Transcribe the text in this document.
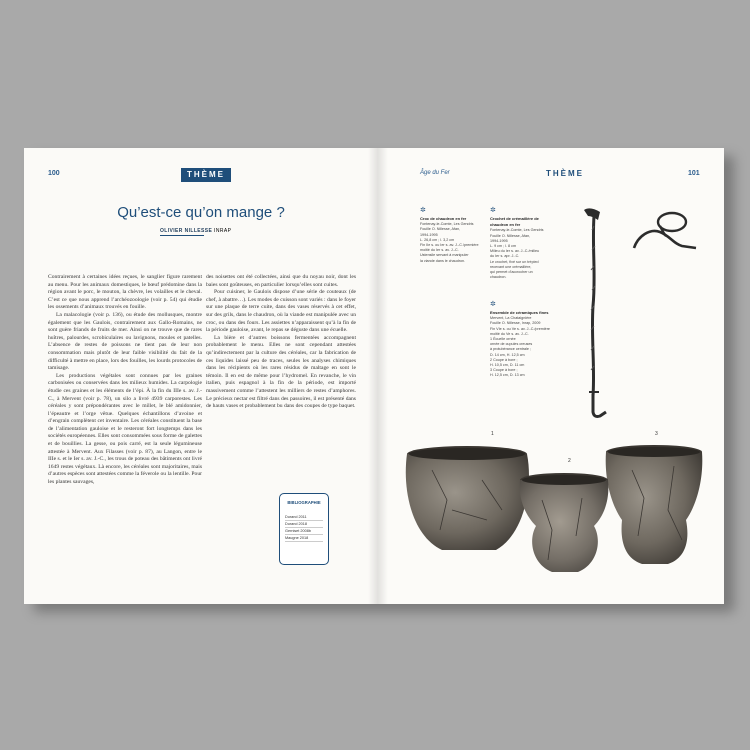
100	THÈME
Qu’est-ce qu’on mange ?
OLIVIER NILLESSE INRAP

Contrairement à certaines idées reçues, le sanglier figure rarement au menu. Pour les animaux domestiques, le bœuf prédomine dans la région avant le porc, le mouton, la chèvre, les volailles et le cheval. C’est ce que nous apprend l’archéozoologie (voir p. 54) qui étudie les ossements d’animaux trouvés en fouille.

La malacologie (voir p. 136), ou étude des mollusques, montre également que les Gaulois, contrairement aux Gallo-Romains, ne sont guère friands de fruits de mer. Ainsi on ne trouve que de rares huîtres, palourdes, scrobiculaires ou lavignons, moules et patelles. L’absence de restes de poissons ne tient pas de leur non consommation mais plutôt de leur faible visibilité du fait de la difficulté à mettre en place, lors des fouilles, les lourds protocoles de tamisage.

Les productions végétales sont connues par les graines carbonisées ou conservées dans les milieux humides. La carpologie étudie ces graines et les éléments de l’épi. À la fin du IIIe s. av. J.-C., à Mervent (voir p. 78), un silo a livré 4939 carporestes. Les céréales y sont prépondérantes avec le millet, le blé amidonnier, l’épeautre et l’orge vêtue. Quelques échantillons d’avoine et d’engrain complètent cet inventaire. Les céréales constituent la base de l’alimentation gauloise et le resteront fort longtemps dans les sociétés européennes. Elles sont consommées sous forme de galettes et de bouillies. La gesse, ou pois carré, est la seule légumineuse attestée à Mervent. Aux Filasses (voir p. 87), au Langon, entre le IIIe s. et le Ier s. av. J.-C., les trous de poteau des bâtiments ont livré 1649 restes végétaux. Là encore, les céréales sont majoritaires, mais d’autres espèces sont attestées comme la féverole ou la lentille. Pour les plantes sauvages,

des noisettes ont été collectées, ainsi que du noyau noir, dont les baies sont goûteuses, en particulier lorsqu’elles sont cuites.

Pour cuisiner, le Gaulois dispose d’une série de couteaux (de chef, à abattre…). Les modes de cuisson sont variés : dans le foyer sur une plaque de terre cuite, dans des vases réservés à cet effet, sur des grils, dans le chaudron, où la viande est manipulée avec un croc, ou dans des fours. Les assiettes n’apparaissent qu’à la fin de la période gauloise, avant, le repas se déguste dans une écuelle.

La bière et d’autres boissons fermentées accompagnent probablement le menu. Elles ne sont cependant attestées qu’indirectement par la culture des céréales, car la fabrication de ces liquides laissé peu de traces, seules les analyses chimiques dans les récipients où les rares résidus de maltage en sont le témoin. Il en est de même pour l’hydromel. En revanche, le vin italien, puis espagnol à la fin de la période, est importé massivement comme l’attestent les milliers de restes d’amphores. Le précieux nectar est filtré dans des passoires, il est présenté dans de hauts vases et probablement bu dans des coupes de type baquet.

BIBLIOGRAPHIE
Durand 2011
Durand 2018
Gerniset 2008b
Maugne 2018
Âge du Fer	THÈME	101
✲
Croc de chaudron en fer
Fontenay-le-Comte, Les Gendris
Fouille O. Nillesse, Afan,
1994-1995
L. 26,8 cm ; l. 3,2 cm
Fin IIe s. ou Ier s. av. J.-C./première
moitié du Ier s. av. J.-C.
Ustensile servant à manipuler
la viande dans le chaudron.
✲
Crochet de crémaillère de chaudron en fer
Fontenay-le-Comte, Les Gendris
Fouille O. Nillesse, Afan,
1994-1995
L. 9 cm ; l. 8 cm
Milieu du Ier s. av. J.-C./milieu
du Ier s. apr. J.-C.
Le crochet, fixé sur un trépied
recevant une crémaillère,
qui permet d’accrocher un
chaudron.
✲
Ensemble de céramiques fines
Mervent, La Chataignière
Fouille O. Nillesse, Inrap, 2009
Fin VIe s. ou Ve s. av. J.-C./première
moitié du Ve s. av. J.-C.
1 Écuelle ornée
ornée de cupules creuses
à protubérance centrale ;
D. 14 cm, H. 12,5 cm
2 Coupe à bore ;
H. 10,5 cm, D. 11 cm
3 Coupe à bore ;
H. 12,5 cm, D. 13 cm
1
2
3
